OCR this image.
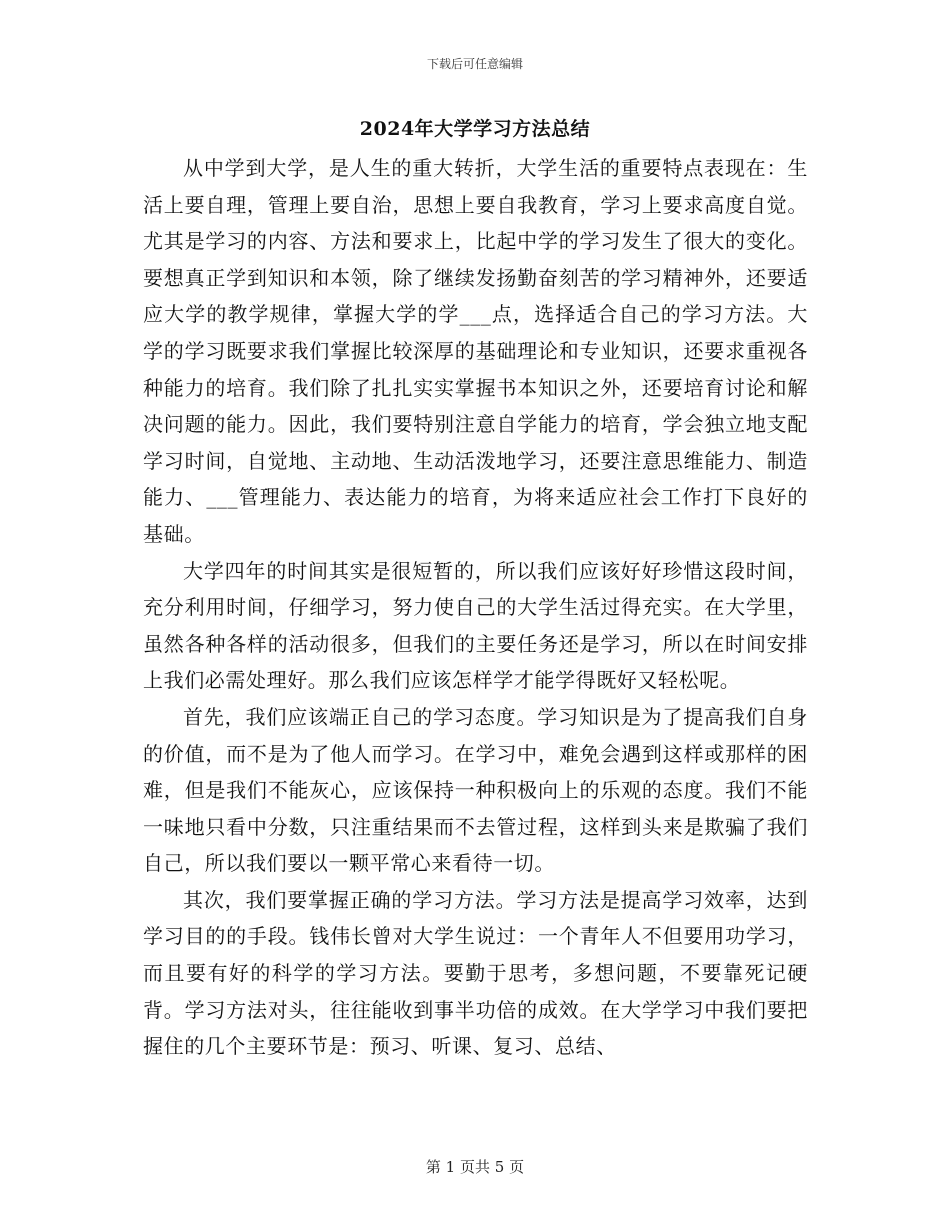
下载后可任意编辑
2024年大学学习方法总结

从中学到大学，是人生的重大转折，大学生活的重要特点表现在：生活上要自理，管理上要自治，思想上要自我教育，学习上要求高度自觉。尤其是学习的内容、方法和要求上，比起中学的学习发生了很大的变化。要想真正学到知识和本领，除了继续发扬勤奋刻苦的学习精神外，还要适应大学的教学规律，掌握大学的学___点，选择适合自己的学习方法。大学的学习既要求我们掌握比较深厚的基础理论和专业知识，还要求重视各种能力的培育。我们除了扎扎实实掌握书本知识之外，还要培育讨论和解决问题的能力。因此，我们要特别注意自学能力的培育，学会独立地支配学习时间，自觉地、主动地、生动活泼地学习，还要注意思维能力、制造能力、___管理能力、表达能力的培育，为将来适应社会工作打下良好的基础。

大学四年的时间其实是很短暂的，所以我们应该好好珍惜这段时间，充分利用时间，仔细学习，努力使自己的大学生活过得充实。在大学里，虽然各种各样的活动很多，但我们的主要任务还是学习，所以在时间安排上我们必需处理好。那么我们应该怎样学才能学得既好又轻松呢。

首先，我们应该端正自己的学习态度。学习知识是为了提高我们自身的价值，而不是为了他人而学习。在学习中，难免会遇到这样或那样的困难，但是我们不能灰心，应该保持一种积极向上的乐观的态度。我们不能一味地只看中分数，只注重结果而不去管过程，这样到头来是欺骗了我们自己，所以我们要以一颗平常心来看待一切。

其次，我们要掌握正确的学习方法。学习方法是提高学习效率，达到学习目的的手段。钱伟长曾对大学生说过：一个青年人不但要用功学习，而且要有好的科学的学习方法。要勤于思考，多想问题，不要靠死记硬背。学习方法对头，往往能收到事半功倍的成效。在大学学习中我们要把握住的几个主要环节是：预习、听课、复习、总结、

第 1 页共 5 页
